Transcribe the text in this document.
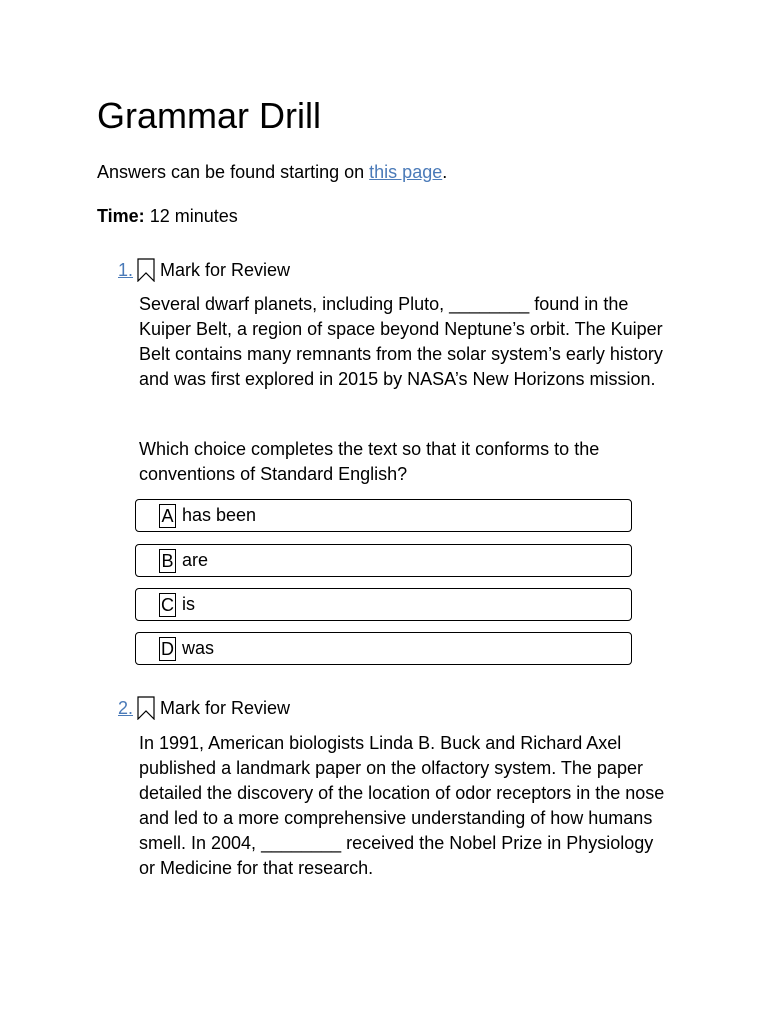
Grammar Drill
Answers can be found starting on this page.
Time: 12 minutes
1. Mark for Review

Several dwarf planets, including Pluto, ________ found in the Kuiper Belt, a region of space beyond Neptune’s orbit. The Kuiper Belt contains many remnants from the solar system’s early history and was first explored in 2015 by NASA’s New Horizons mission.

Which choice completes the text so that it conforms to the conventions of Standard English?

A has been
B are
C is
D was
2. Mark for Review

In 1991, American biologists Linda B. Buck and Richard Axel published a landmark paper on the olfactory system. The paper detailed the discovery of the location of odor receptors in the nose and led to a more comprehensive understanding of how humans smell. In 2004, ________ received the Nobel Prize in Physiology or Medicine for that research.
